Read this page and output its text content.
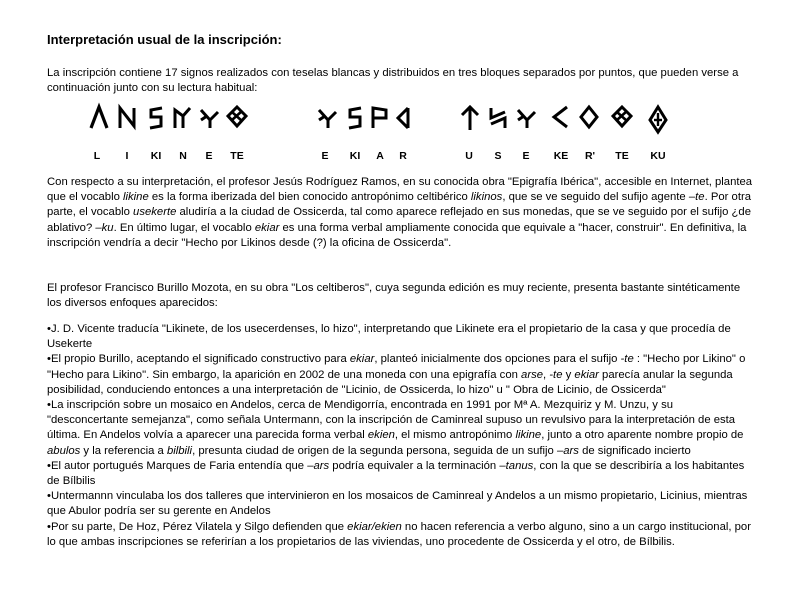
Interpretación usual de la inscripción:
La inscripción contiene 17 signos realizados con teselas blancas y distribuidos en tres bloques separados por puntos, que pueden verse a continuación junto con su lectura habitual:
L I KI N E TE	E KI A R	U S E KE R' TE KU
Con respecto a su interpretación, el profesor Jesús Rodríguez Ramos, en su conocida obra "Epigrafía Ibérica", accesible en Internet, plantea que el vocablo likine es la forma iberizada del bien conocido antropónimo celtibérico likinos, que se ve seguido del sufijo agente –te. Por otra parte, el vocablo usekerte aludiría a la ciudad de Ossicerda, tal como aparece reflejado en sus monedas, que se ve seguido por el sufijo ¿de ablativo? –ku. En último lugar, el vocablo ekiar es una forma verbal ampliamente conocida que equivale a "hacer, construir". En definitiva, la inscripción vendría a decir "Hecho por Likinos desde (?) la oficina de Ossicerda".
El profesor Francisco Burillo Mozota, en su obra "Los celtiberos", cuya segunda edición es muy reciente, presenta bastante sintéticamente los diversos enfoques aparecidos:

•J. D. Vicente traducía "Likinete, de los usecerdenses, lo hizo", interpretando que Likinete era el propietario de la casa y que procedía de Usekerte

•El propio Burillo, aceptando el significado constructivo para ekiar, planteó inicialmente dos opciones para el sufijo -te : "Hecho por Likino" o "Hecho para Likino". Sin embargo, la aparición en 2002 de una moneda con una epigrafía con arse, -te y ekiar parecía anular la segunda posibilidad, conduciendo entonces a una interpretación de "Licinio, de Ossicerda, lo hizo" u " Obra de Licinio, de Ossicerda"

•La inscripción sobre un mosaico en Andelos, cerca de Mendigorría, encontrada en 1991 por Mª A. Mezquiriz y M. Unzu, y su "desconcertante semejanza", como señala Untermann, con la inscripción de Caminreal supuso un revulsivo para la interpretación de esta última. En Andelos volvía a aparecer una parecida forma verbal ekien, el mismo antropónimo likine, junto a otro aparente nombre propio de abulos y la referencia a bilbili, presunta ciudad de origen de la segunda persona, seguida de un sufijo –ars de significado incierto

•El autor portugués Marques de Faria entendía que –ars podría equivaler a la terminación –tanus, con la que se describiría a los habitantes de Bílbilis

•Untermannn vinculaba los dos talleres que intervinieron en los mosaicos de Caminreal y Andelos a un mismo propietario, Licinius, mientras que Abulor podría ser su gerente en Andelos

•Por su parte, De Hoz, Pérez Vilatela y Silgo defienden que ekiar/ekien no hacen referencia a verbo alguno, sino a un cargo institucional, por lo que ambas inscripciones se referirían a los propietarios de las viviendas, uno procedente de Ossicerda y el otro, de Bílbilis.
